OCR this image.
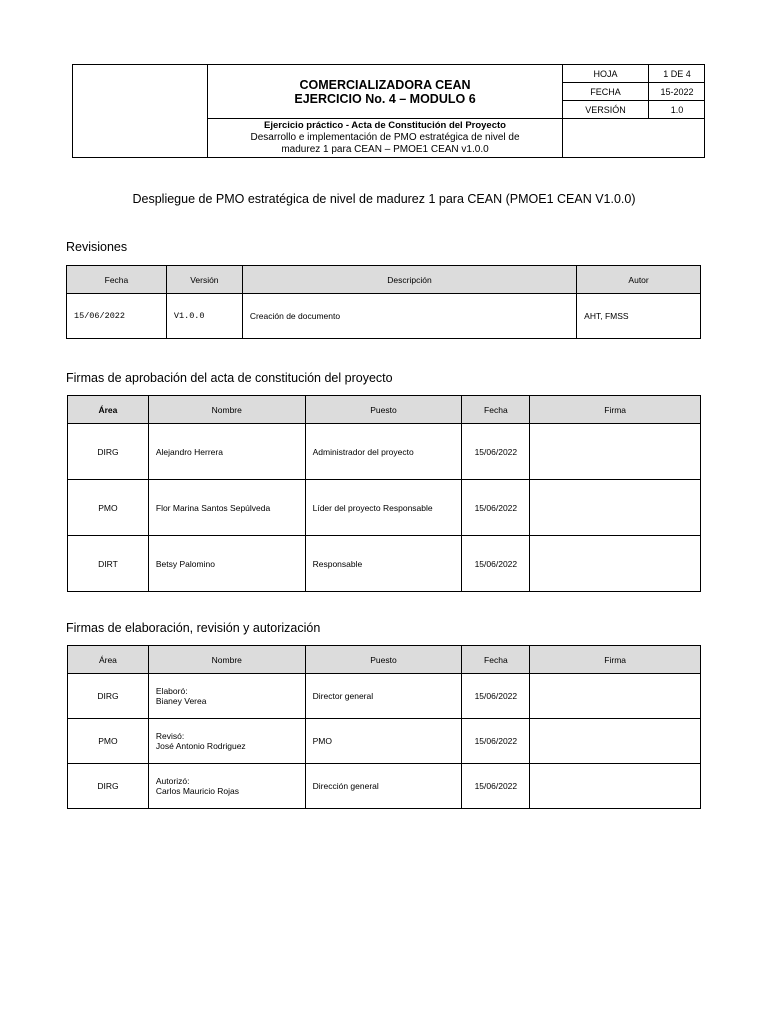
COMERCIALIZADORA CEAN
EJERCICIO No. 4 – MODULO 6
Ejercicio práctico - Acta de Constitución del Proyecto
Desarrollo e implementación de PMO estratégica de nivel de
madurez 1 para CEAN – PMOE1 CEAN v1.0.0
HOJA	1 DE 4
FECHA	15-2022
VERSIÓN	1.0
Despliegue de PMO estratégica de nivel de madurez 1 para CEAN (PMOE1 CEAN V1.0.0)
Revisiones
Fecha	Versión	Descripción	Autor
15/06/2022	V1.0.0	Creación de documento	AHT, FMSS
Firmas de aprobación del acta de constitución del proyecto
Área	Nombre	Puesto	Fecha	Firma
DIRG	Alejandro Herrera	Administrador del proyecto	15/06/2022	
PMO	Flor Marina Santos Sepúlveda	Líder del proyecto Responsable	15/06/2022	
DIRT	Betsy Palomino	Responsable	15/06/2022	
Firmas de elaboración, revisión y autorización
Área	Nombre	Puesto	Fecha	Firma
DIRG	Elaboró:
Bianey Verea	Director general	15/06/2022	
PMO	Revisó:
José Antonio Rodriguez	PMO	15/06/2022	
DIRG	Autorizó:
Carlos Mauricio Rojas	Dirección general	15/06/2022	
